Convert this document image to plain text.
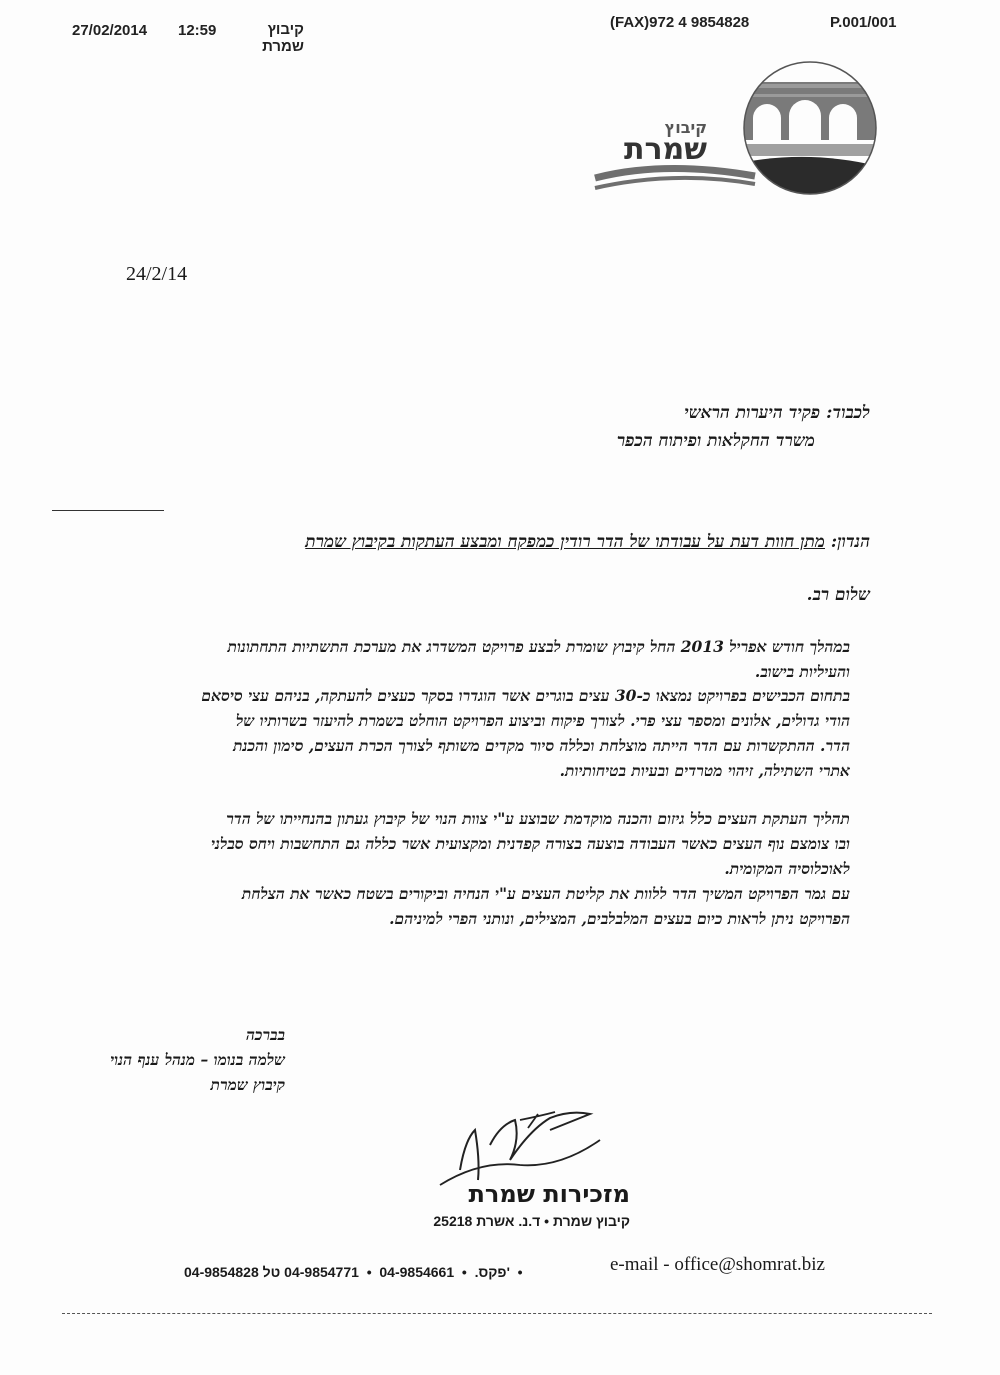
27/02/2014 12:59	קיבוץ שמרת
(FAX)972 4 9854828	P.001/001
קיבוץ
שמרת
24/2/14
לכבוד: פקיד היערות הראשי
משרד החקלאות ופיתוח הכפר
הנדון: מתן חוות דעת על עבודתו של הדר רודין כמפקח ומבצע העתקות בקיבוץ שמרת
שלום רב.
במהלך חודש אפריל 2013 החל קיבוץ שומרת לבצע פרויקט המשדרג את מערכת התשתיות התחתונות
והעיליות בישוב.
בתחום הכבישים בפרויקט נמצאו כ-30 עצים בוגרים אשר הוגדרו בסקר כעצים להעתקה, בניהם עצי סיסאם
הודי גדולים, אלונים ומספר עצי פרי. לצורך פיקוח וביצוע הפרויקט הוחלט בשמרת להיעזר בשרותיו של
הדר. ההתקשרות עם הדר הייתה מוצלחת וכללה סיור מקדים משותף לצורך הכרת העצים, סימון והכנת
אתרי השתילה, זיהוי מטרדים ובעיות בטיחותיות.
תהליך העתקת העצים כלל גיזום והכנה מוקדמת שבוצע ע"י צוות הנוי של קיבוץ געתון בהנחייתו של הדר
ובו צומצם נוף העצים כאשר העבודה בוצעה בצורה קפדנית ומקצועית אשר כללה גם התחשבות ויחס סבלני
לאוכלוסיה המקומית.
עם גמר הפרויקט המשיך הדר ללוות את קליטת העצים ע"י הנחיה וביקורים בשטח כאשר את הצלחת
הפרויקט ניתן לראות כיום בעצים המלבלבים, המצילים, ונותני הפרי למיניהם.
בברכה
שלמה בנומו – מנהל ענף הנוי
קיבוץ שמרת
מזכירות שמרת
קיבוץ שמרת • ד.נ. אשרת 25218
04-9854828	פקס.  •  04-9854661  •  04-9854771 טל'  •	e-mail - office@shomrat.biz
